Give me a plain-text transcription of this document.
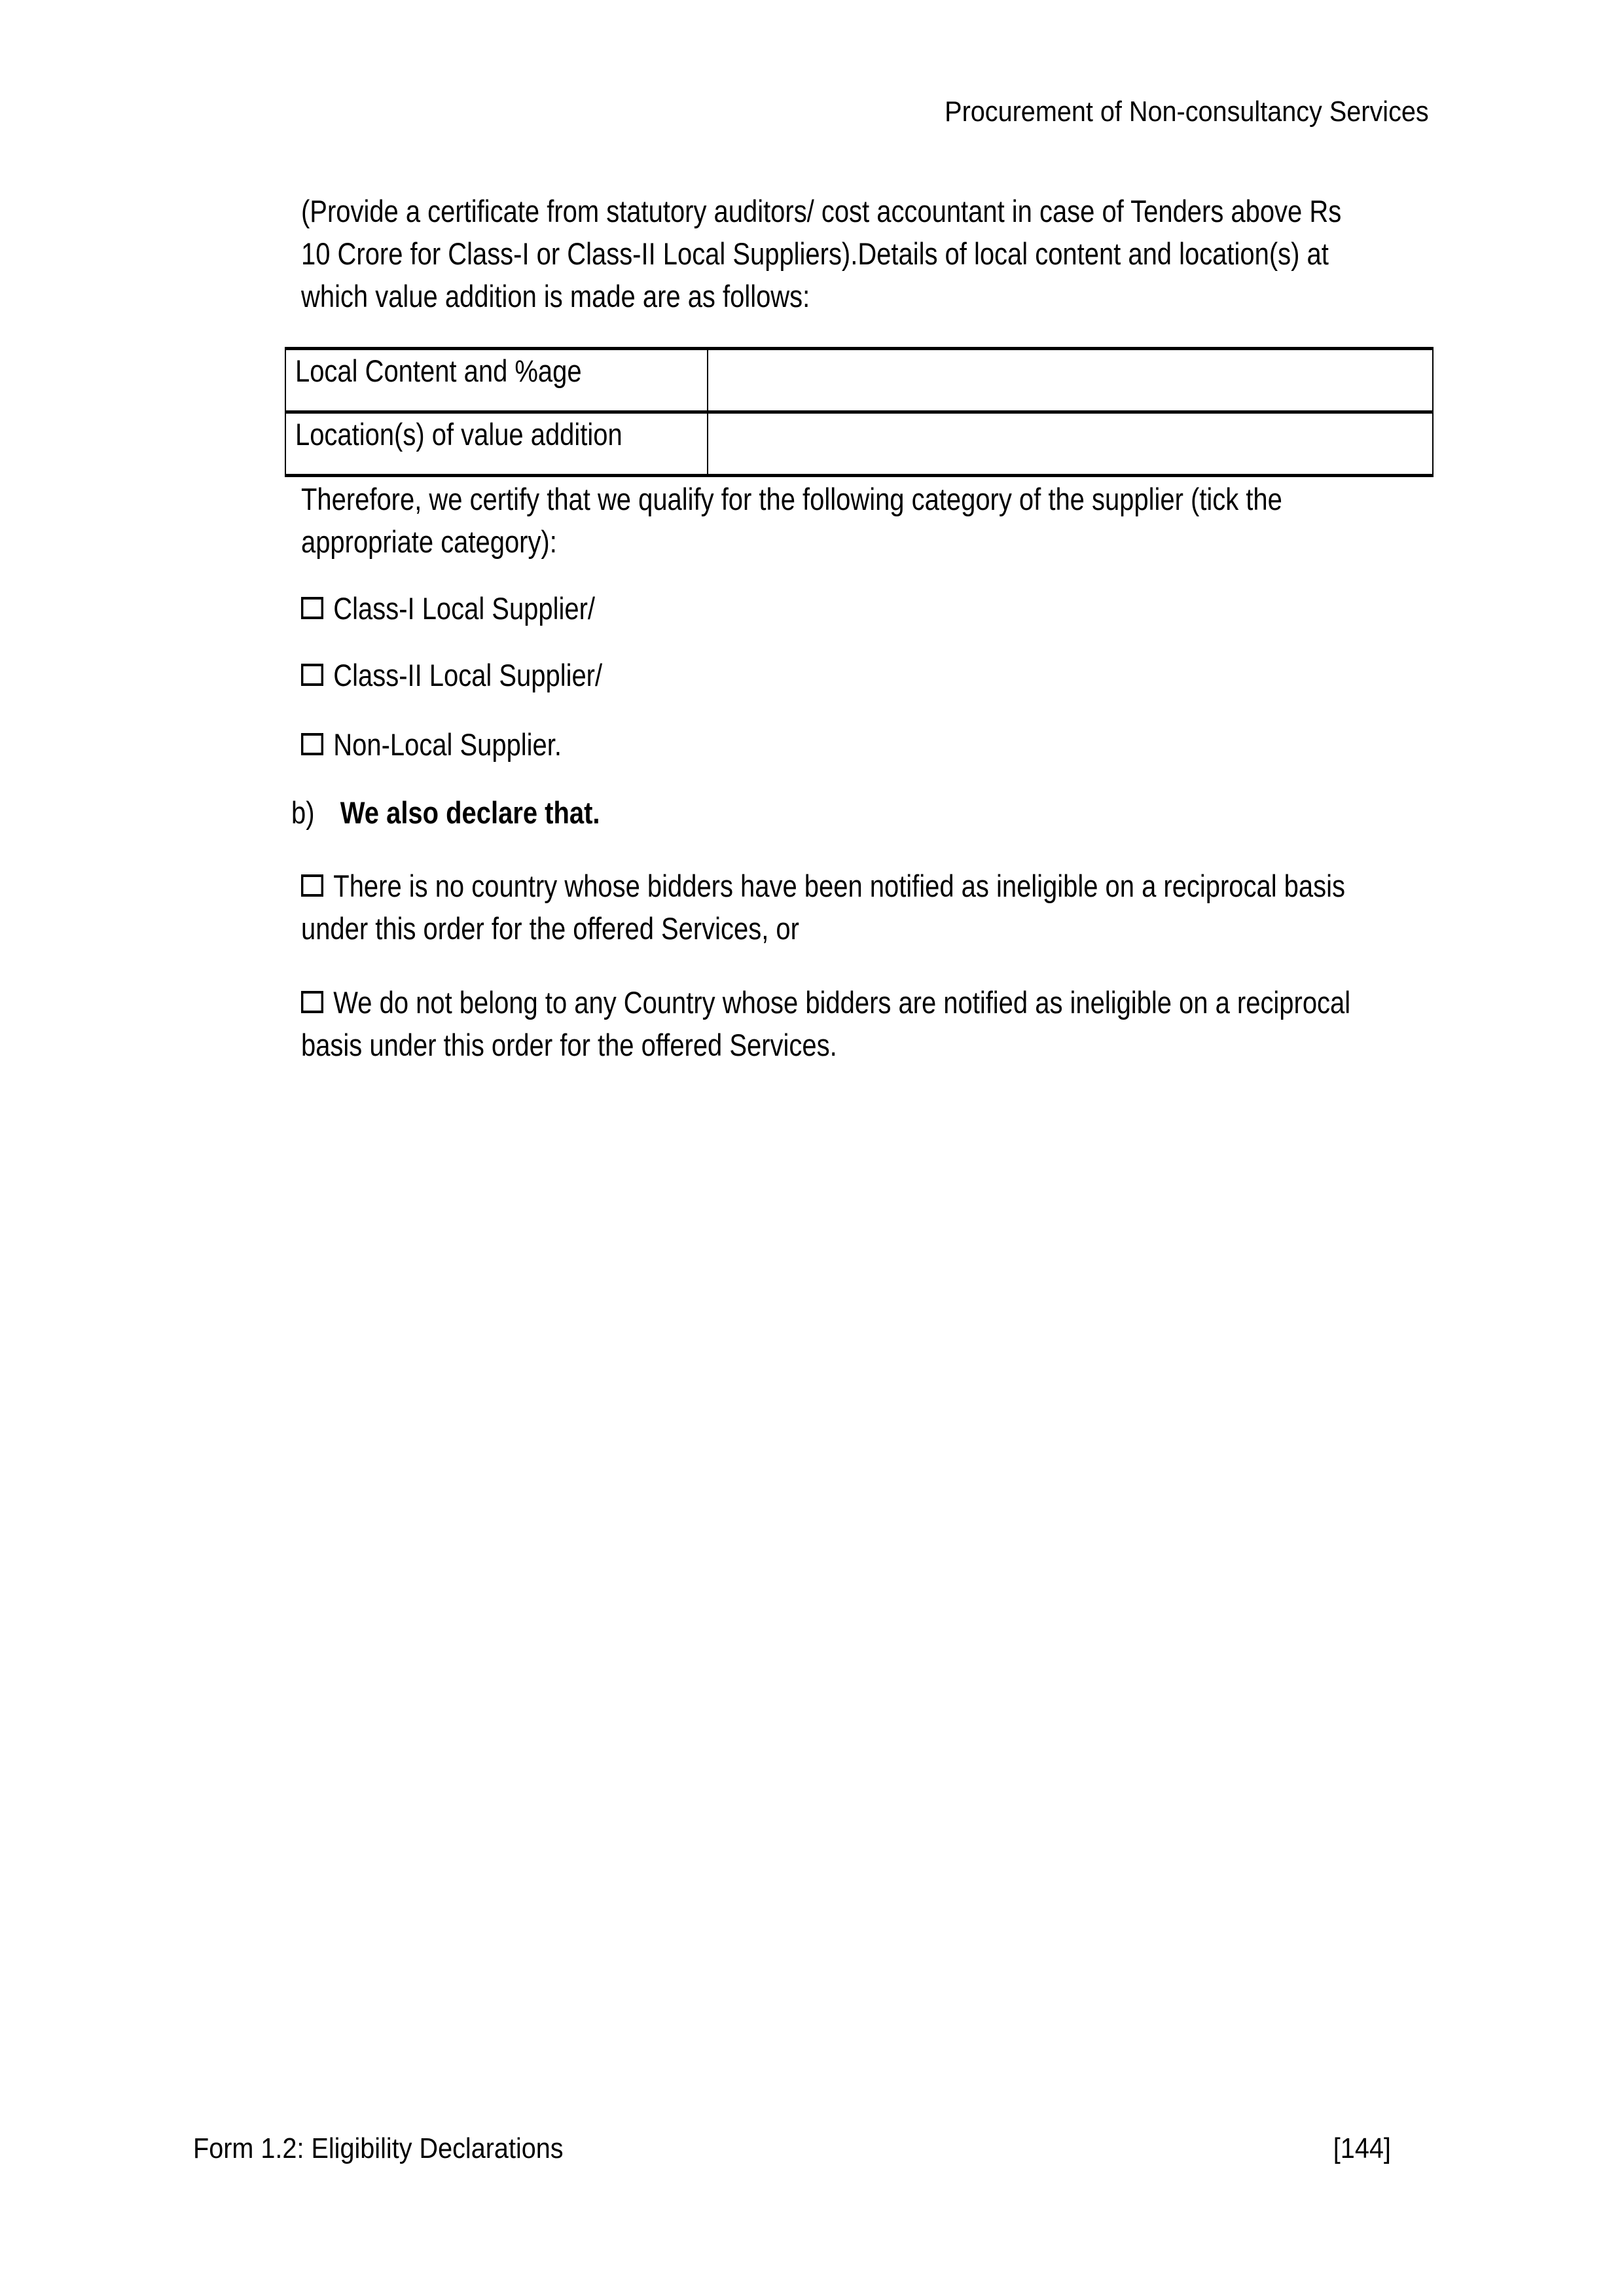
Procurement of Non-consultancy Services
(Provide a certificate from statutory auditors/ cost accountant in case of Tenders above Rs
10 Crore for Class-I or Class-II Local Suppliers).Details of local content and location(s) at
which value addition is made are as follows:
Local Content and %age	
Location(s) of value addition	
Therefore, we certify that we qualify for the following category of the supplier (tick the
appropriate category):
Class-I Local Supplier/
Class-II Local Supplier/
Non-Local Supplier.
b) We also declare that.
There is no country whose bidders have been notified as ineligible on a reciprocal basis
under this order for the offered Services, or
We do not belong to any Country whose bidders are notified as ineligible on a reciprocal
basis under this order for the offered Services.
Form 1.2: Eligibility Declarations	[144]
